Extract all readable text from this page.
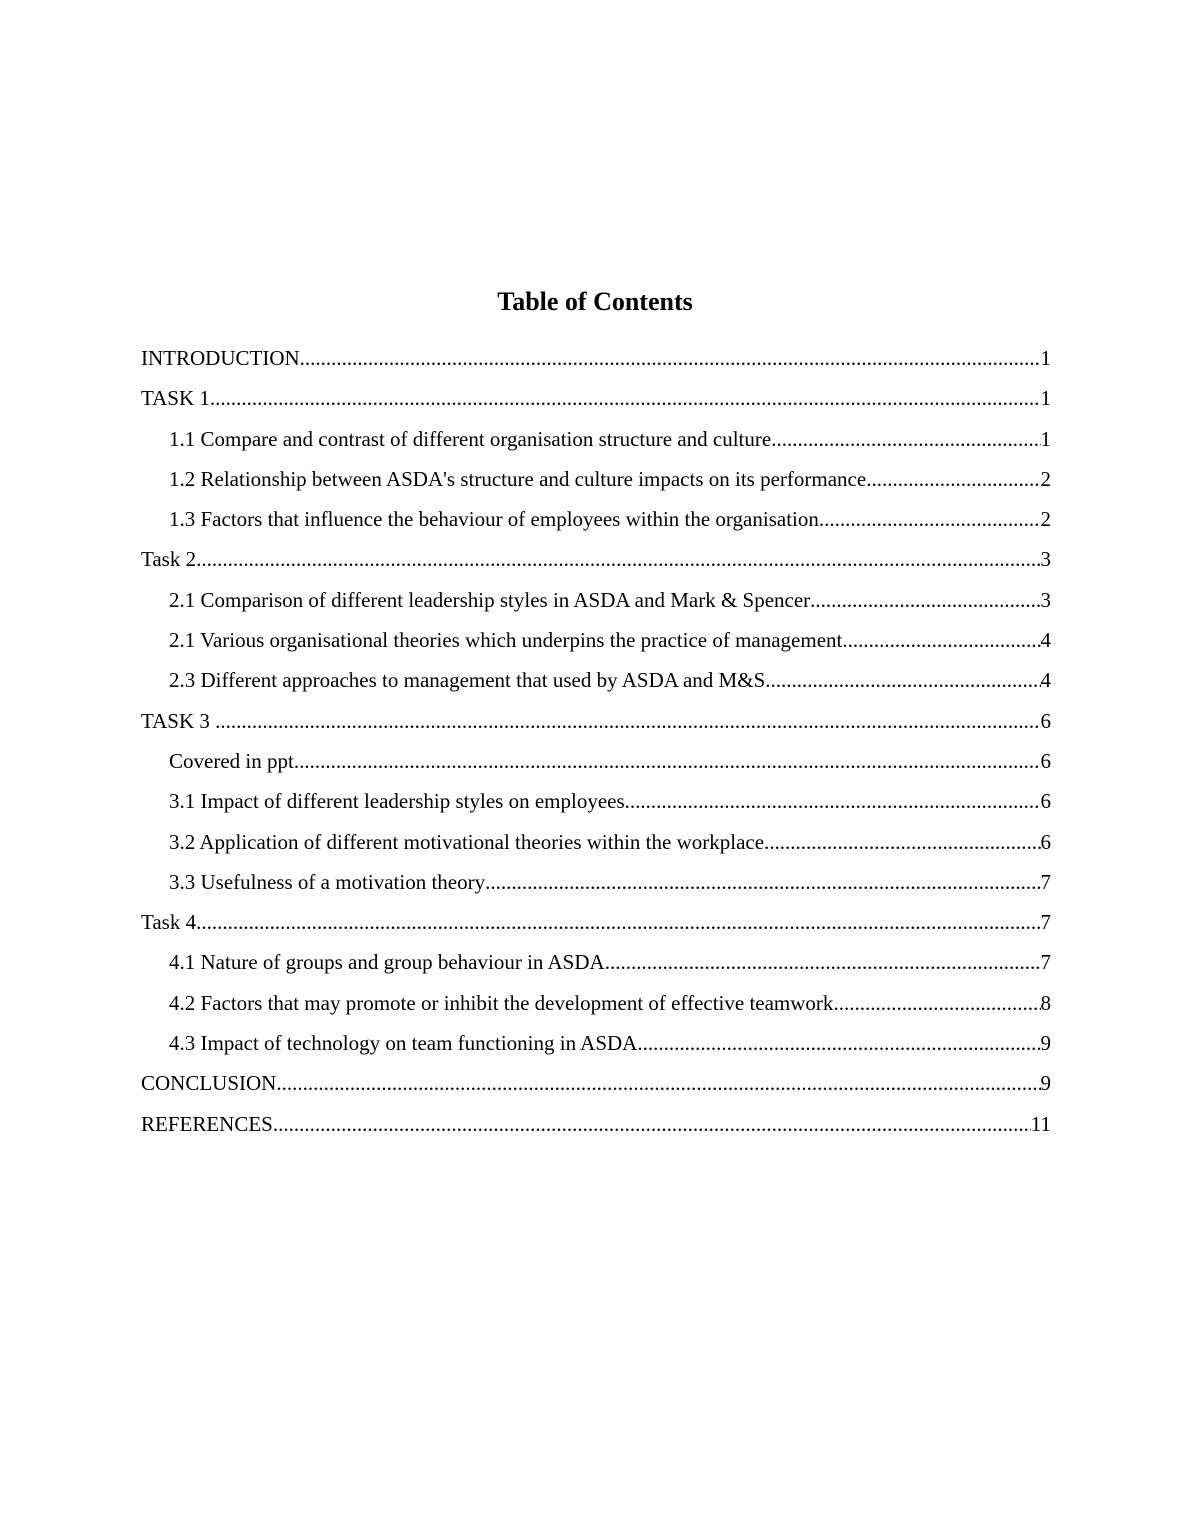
Table of Contents
INTRODUCTION .....	1
TASK 1 .....	1
1.1 Compare and contrast of different organisation structure and culture .....	1
1.2 Relationship between ASDA's structure and culture impacts on its performance .....	2
1.3 Factors that influence the behaviour of employees within the organisation .....	2
Task 2 .....	3
2.1 Comparison of different leadership styles in ASDA and Mark & Spencer .....	3
2.1 Various organisational theories which underpins the practice of management .....	4
2.3 Different approaches to management that used by ASDA and M&S .....	4
TASK 3 .....	6
Covered in ppt .....	6
3.1 Impact of different leadership styles on employees .....	6
3.2 Application of different motivational theories within the workplace .....	6
3.3 Usefulness of a motivation theory .....	7
Task 4 .....	7
4.1 Nature of groups and group behaviour in ASDA .....	7
4.2 Factors that may promote or inhibit the development of effective teamwork .....	8
4.3 Impact of technology on team functioning in ASDA .....	9
CONCLUSION .....	9
REFERENCES .....	11
